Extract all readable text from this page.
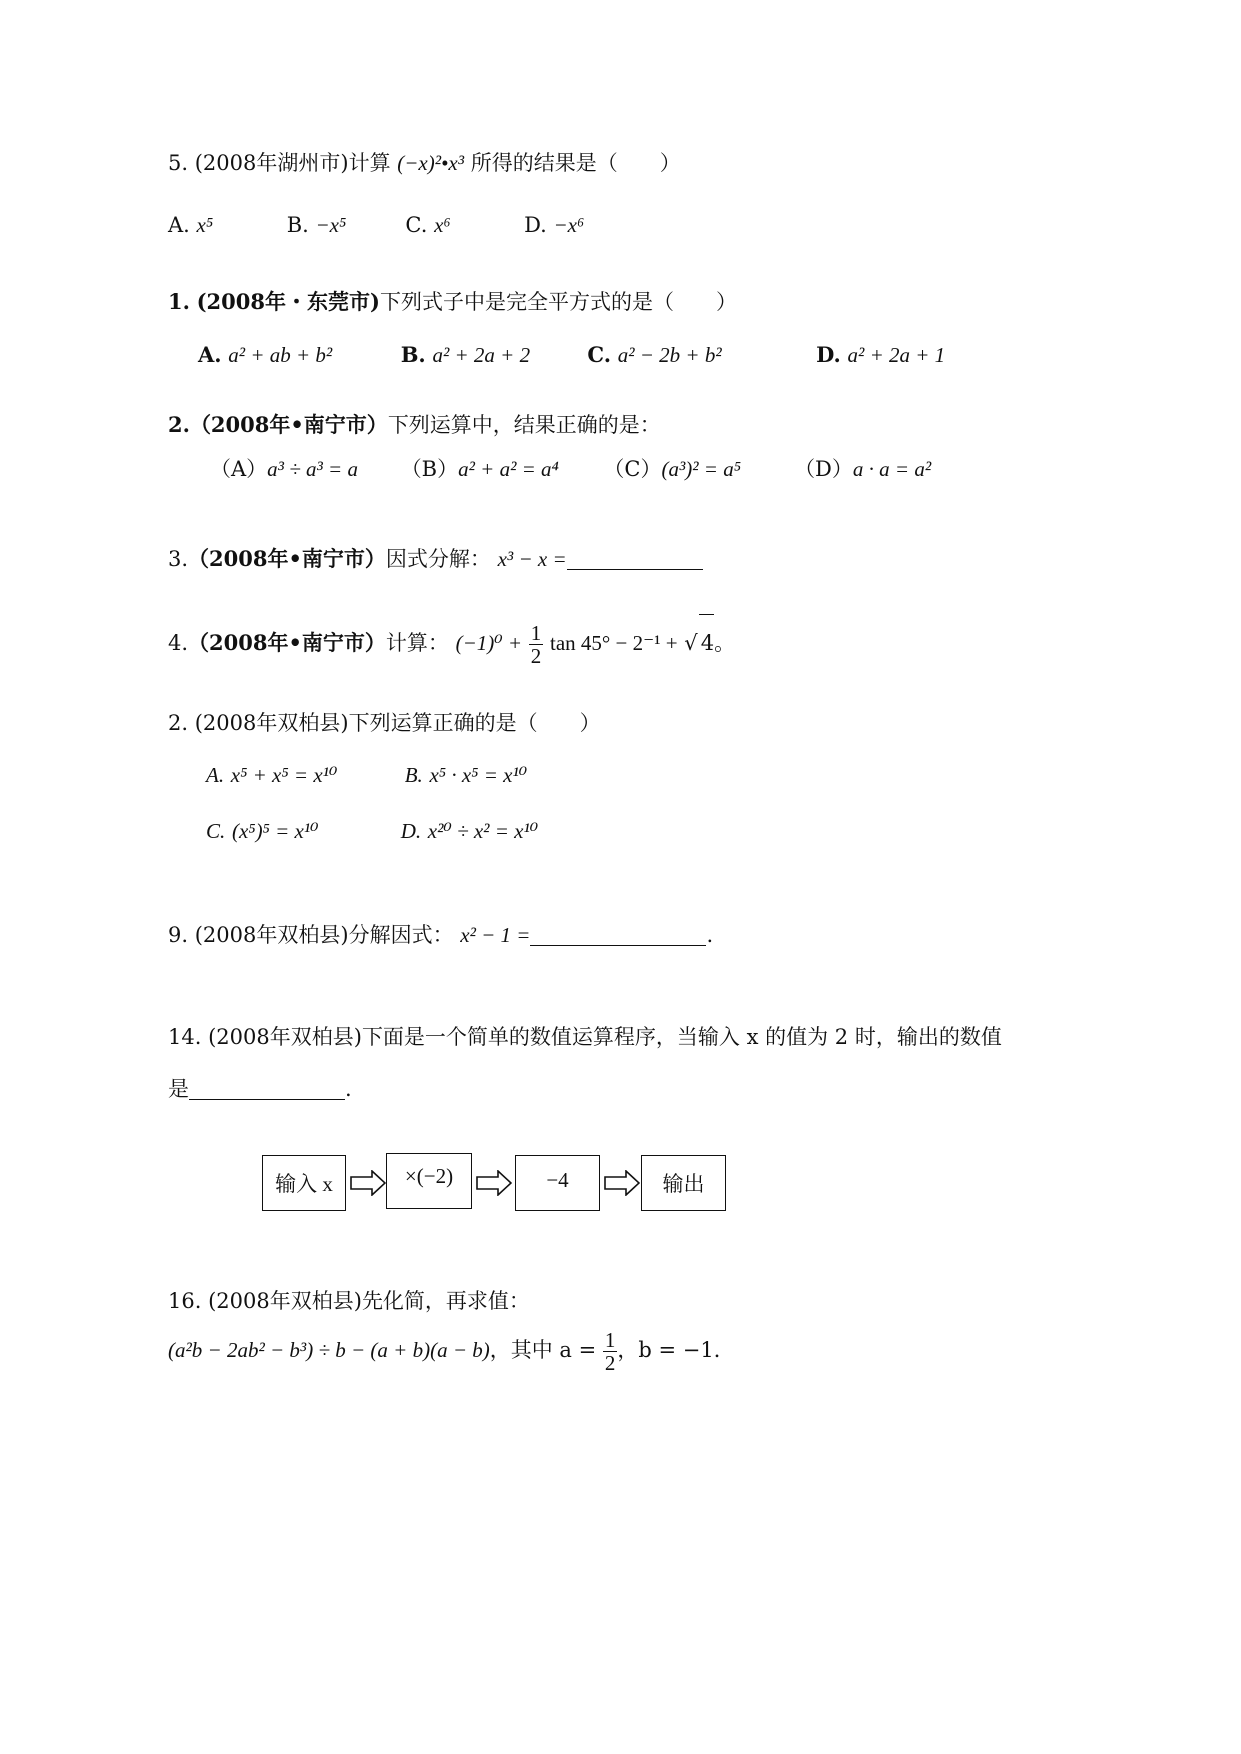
5. (2008年湖州市)计算 (−x)²•x³ 所得的结果是（　　）
A. x⁵	B. −x⁵	C. x⁶	D. −x⁶
1. (2008年・东莞市)下列式子中是完全平方式的是（　　）
A. a² + ab + b²	B. a² + 2a + 2	C. a² − 2b + b²	D. a² + 2a + 1
2.（2008年•南宁市）下列运算中，结果正确的是：
（A）a³ ÷ a³ = a （B）a² + a² = a⁴ （C）(a³)² = a⁵	（D）a · a = a²
3.（2008年•南宁市）因式分解： x³ − x =
4.（2008年•南宁市）计算： $(-1)^0 + \frac{1}{2}$ tan 45° − 2⁻¹ + √ 4。
2. (2008年双柏县)下列运算正确的是（　　）
A. x⁵ + x⁵ = x¹⁰	B. x⁵ · x⁵ = x¹⁰
C. (x⁵)⁵ = x¹⁰	D. x²⁰ ÷ x² = x¹⁰
9. (2008年双柏县)分解因式： x² − 1 =	.
14. (2008年双柏县)下面是一个简单的数值运算程序，当输入 x 的值为 2 时，输出的数值
是	.
输入 x	×(−2)	−4	输出
16. (2008年双柏县)先化简，再求值：
(a²b − 2ab² − b³) ÷ b − (a + b)(a − b)，其中 $a = \frac{1}{2}$ ，b = −1．
